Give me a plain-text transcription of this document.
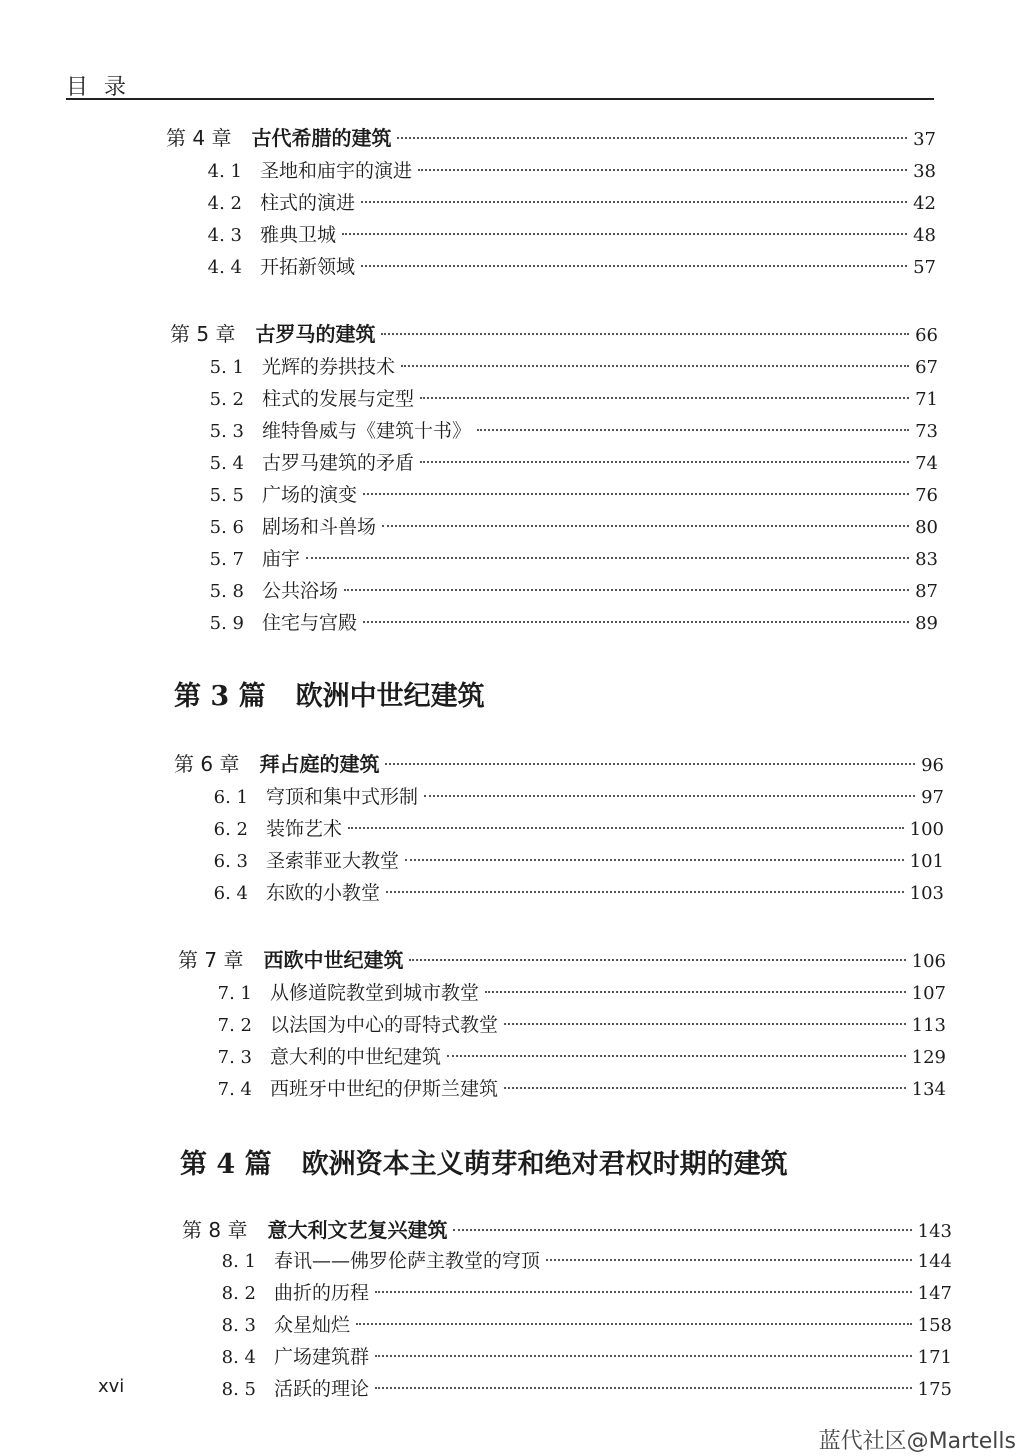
目录
第 4 章 古代希腊的建筑	37
4. 1 圣地和庙宇的演进	38
4. 2 柱式的演进	42
4. 3 雅典卫城	48
4. 4 开拓新领域	57
第 5 章 古罗马的建筑	66
5. 1 光辉的券拱技术	67
5. 2 柱式的发展与定型	71
5. 3 维特鲁威与《建筑十书》	73
5. 4 古罗马建筑的矛盾	74
5. 5 广场的演变	76
5. 6 剧场和斗兽场	80
5. 7 庙宇	83
5. 8 公共浴场	87
5. 9 住宅与宫殿	89
第 3 篇 欧洲中世纪建筑
第 6 章 拜占庭的建筑	96
6. 1 穹顶和集中式形制	97
6. 2 装饰艺术	100
6. 3 圣索菲亚大教堂	101
6. 4 东欧的小教堂	103
第 7 章 西欧中世纪建筑	106
7. 1 从修道院教堂到城市教堂	107
7. 2 以法国为中心的哥特式教堂	113
7. 3 意大利的中世纪建筑	129
7. 4 西班牙中世纪的伊斯兰建筑	134
第 4 篇 欧洲资本主义萌芽和绝对君权时期的建筑
第 8 章 意大利文艺复兴建筑	143
8. 1 春讯——佛罗伦萨主教堂的穹顶	144
8. 2 曲折的历程	147
8. 3 众星灿烂	158
8. 4 广场建筑群	171
8. 5 活跃的理论	175
xvi
蓝代社区@Martells
